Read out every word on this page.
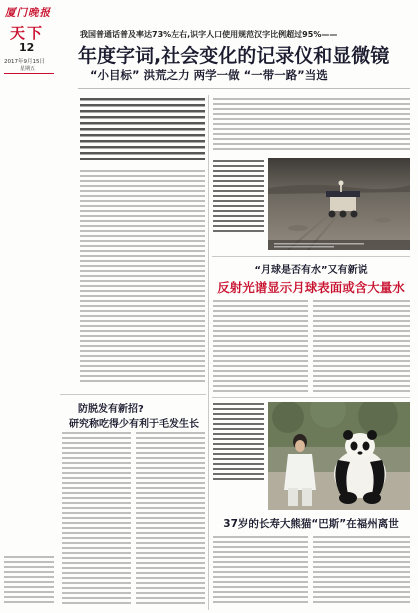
厦门晚报
天下
12
2017年9月15日
星期五
我国普通话普及率达73%左右,识字人口使用规范汉字比例超过95%——
年度字词,社会变化的记录仪和显微镜
“小目标” 洪荒之力 两学一做 “一带一路”当选
“月球是否有水”又有新说
反射光谱显示月球表面或含大量水
防脱发有新招?
研究称吃得少有利于毛发生长
37岁的长寿大熊猫“巴斯”在福州离世
